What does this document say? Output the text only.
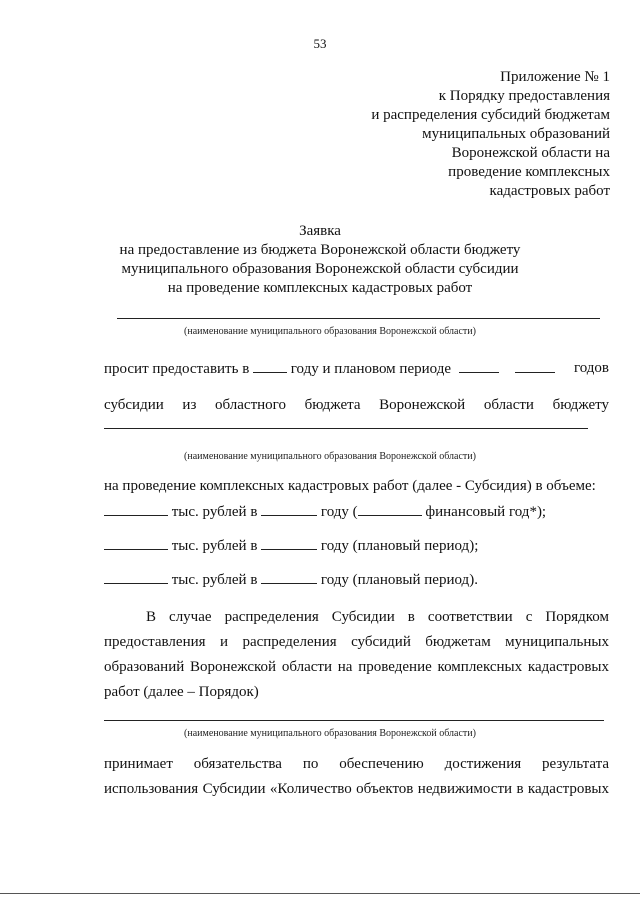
53
Приложение № 1
к Порядку предоставления
и распределения субсидий бюджетам
муниципальных образований
Воронежской области на
проведение комплексных
кадастровых работ
Заявка
на предоставление из бюджета Воронежской области бюджету
муниципального образования Воронежской области субсидии
на проведение комплексных кадастровых работ
(наименование муниципального образования Воронежской области)
просит предоставить в	году и плановом периоде	годов
субсидии из областного бюджета Воронежской области бюджету
(наименование муниципального образования Воронежской области)
на проведение комплексных кадастровых работ (далее - Субсидия) в объеме:
тыс. рублей в	году (	финансовый год*);
тыс. рублей в	году (плановый период);
тыс. рублей в	году (плановый период).
В случае распределения Субсидии в соответствии с Порядком
предоставления и распределения субсидий бюджетам муниципальных
образований Воронежской области на проведение комплексных кадастровых
работ (далее – Порядок)
(наименование муниципального образования Воронежской области)
принимает обязательства по обеспечению достижения результата
использования Субсидии «Количество объектов недвижимости в кадастровых
